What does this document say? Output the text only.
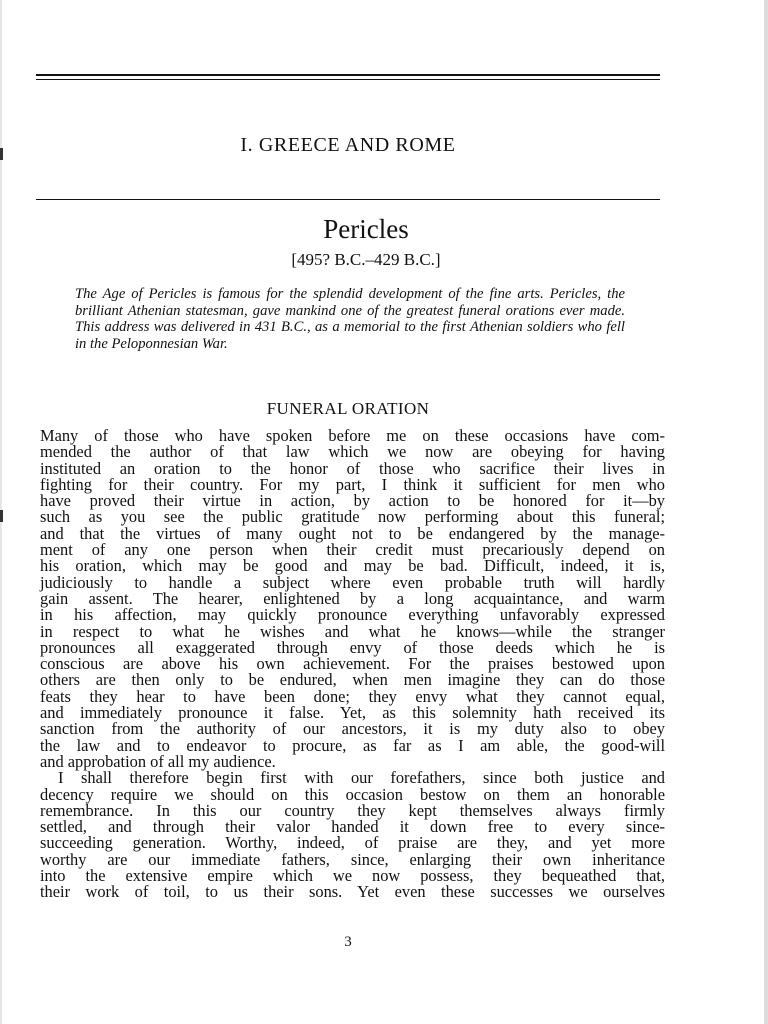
I. GREECE AND ROME
Pericles
[495? B.C.–429 B.C.]
The Age of Pericles is famous for the splendid development of the fine arts. Pericles, the brilliant Athenian statesman, gave mankind one of the greatest funeral orations ever made. This address was delivered in 431 B.C., as a memorial to the first Athenian soldiers who fell in the Peloponnesian War.
FUNERAL ORATION
Many of those who have spoken before me on these occasions have com-
mended the author of that law which we now are obeying for having
instituted an oration to the honor of those who sacrifice their lives in
fighting for their country. For my part, I think it sufficient for men who
have proved their virtue in action, by action to be honored for it—by
such as you see the public gratitude now performing about this funeral;
and that the virtues of many ought not to be endangered by the manage-
ment of any one person when their credit must precariously depend on
his oration, which may be good and may be bad. Difficult, indeed, it is,
judiciously to handle a subject where even probable truth will hardly
gain assent. The hearer, enlightened by a long acquaintance, and warm
in his affection, may quickly pronounce everything unfavorably expressed
in respect to what he wishes and what he knows—while the stranger
pronounces all exaggerated through envy of those deeds which he is
conscious are above his own achievement. For the praises bestowed upon
others are then only to be endured, when men imagine they can do those
feats they hear to have been done; they envy what they cannot equal,
and immediately pronounce it false. Yet, as this solemnity hath received its
sanction from the authority of our ancestors, it is my duty also to obey
the law and to endeavor to procure, as far as I am able, the good-will
and approbation of all my audience.
I shall therefore begin first with our forefathers, since both justice and
decency require we should on this occasion bestow on them an honorable
remembrance. In this our country they kept themselves always firmly
settled, and through their valor handed it down free to every since-
succeeding generation. Worthy, indeed, of praise are they, and yet more
worthy are our immediate fathers, since, enlarging their own inheritance
into the extensive empire which we now possess, they bequeathed that,
their work of toil, to us their sons. Yet even these successes we ourselves
3
